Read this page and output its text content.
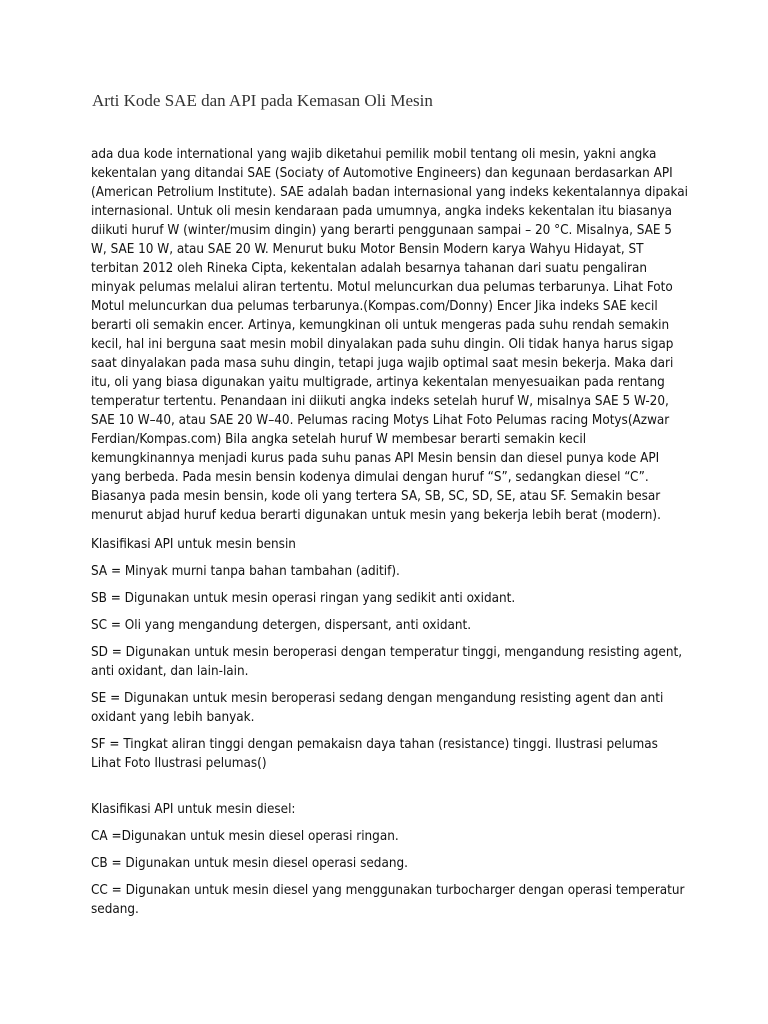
Arti Kode SAE dan API pada Kemasan Oli Mesin

ada dua kode international yang wajib diketahui pemilik mobil tentang oli mesin, yakni angka kekentalan yang ditandai SAE (Sociaty of Automotive Engineers) dan kegunaan berdasarkan API (American Petrolium Institute). SAE adalah badan internasional yang indeks kekentalannya dipakai internasional. Untuk oli mesin kendaraan pada umumnya, angka indeks kekentalan itu biasanya diikuti huruf W (winter/musim dingin) yang berarti penggunaan sampai – 20 °C. Misalnya, SAE 5 W, SAE 10 W, atau SAE 20 W. Menurut buku Motor Bensin Modern karya Wahyu Hidayat, ST terbitan 2012 oleh Rineka Cipta, kekentalan adalah besarnya tahanan dari suatu pengaliran minyak pelumas melalui aliran tertentu. Motul meluncurkan dua pelumas terbarunya. Lihat Foto Motul meluncurkan dua pelumas terbarunya.(Kompas.com/Donny) Encer Jika indeks SAE kecil berarti oli semakin encer. Artinya, kemungkinan oli untuk mengeras pada suhu rendah semakin kecil, hal ini berguna saat mesin mobil dinyalakan pada suhu dingin. Oli tidak hanya harus sigap saat dinyalakan pada masa suhu dingin, tetapi juga wajib optimal saat mesin bekerja. Maka dari itu, oli yang biasa digunakan yaitu multigrade, artinya kekentalan menyesuaikan pada rentang temperatur tertentu. Penandaan ini diikuti angka indeks setelah huruf W, misalnya SAE 5 W-20, SAE 10 W–40, atau SAE 20 W–40. Pelumas racing Motys Lihat Foto Pelumas racing Motys(Azwar Ferdian/Kompas.com) Bila angka setelah huruf W membesar berarti semakin kecil kemungkinannya menjadi kurus pada suhu panas API Mesin bensin dan diesel punya kode API yang berbeda. Pada mesin bensin kodenya dimulai dengan huruf “S”, sedangkan diesel “C”. Biasanya pada mesin bensin, kode oli yang tertera SA, SB, SC, SD, SE, atau SF. Semakin besar menurut abjad huruf kedua berarti digunakan untuk mesin yang bekerja lebih berat (modern).

Klasifikasi API untuk mesin bensin

SA = Minyak murni tanpa bahan tambahan (aditif).

SB = Digunakan untuk mesin operasi ringan yang sedikit anti oxidant.

SC = Oli yang mengandung detergen, dispersant, anti oxidant.

SD = Digunakan untuk mesin beroperasi dengan temperatur tinggi, mengandung resisting agent, anti oxidant, dan lain-lain.

SE = Digunakan untuk mesin beroperasi sedang dengan mengandung resisting agent dan anti oxidant yang lebih banyak.

SF = Tingkat aliran tinggi dengan pemakaisn daya tahan (resistance) tinggi. Ilustrasi pelumas Lihat Foto Ilustrasi pelumas()

Klasifikasi API untuk mesin diesel:

CA =Digunakan untuk mesin diesel operasi ringan.

CB = Digunakan untuk mesin diesel operasi sedang.

CC = Digunakan untuk mesin diesel yang menggunakan turbocharger dengan operasi temperatur sedang.
